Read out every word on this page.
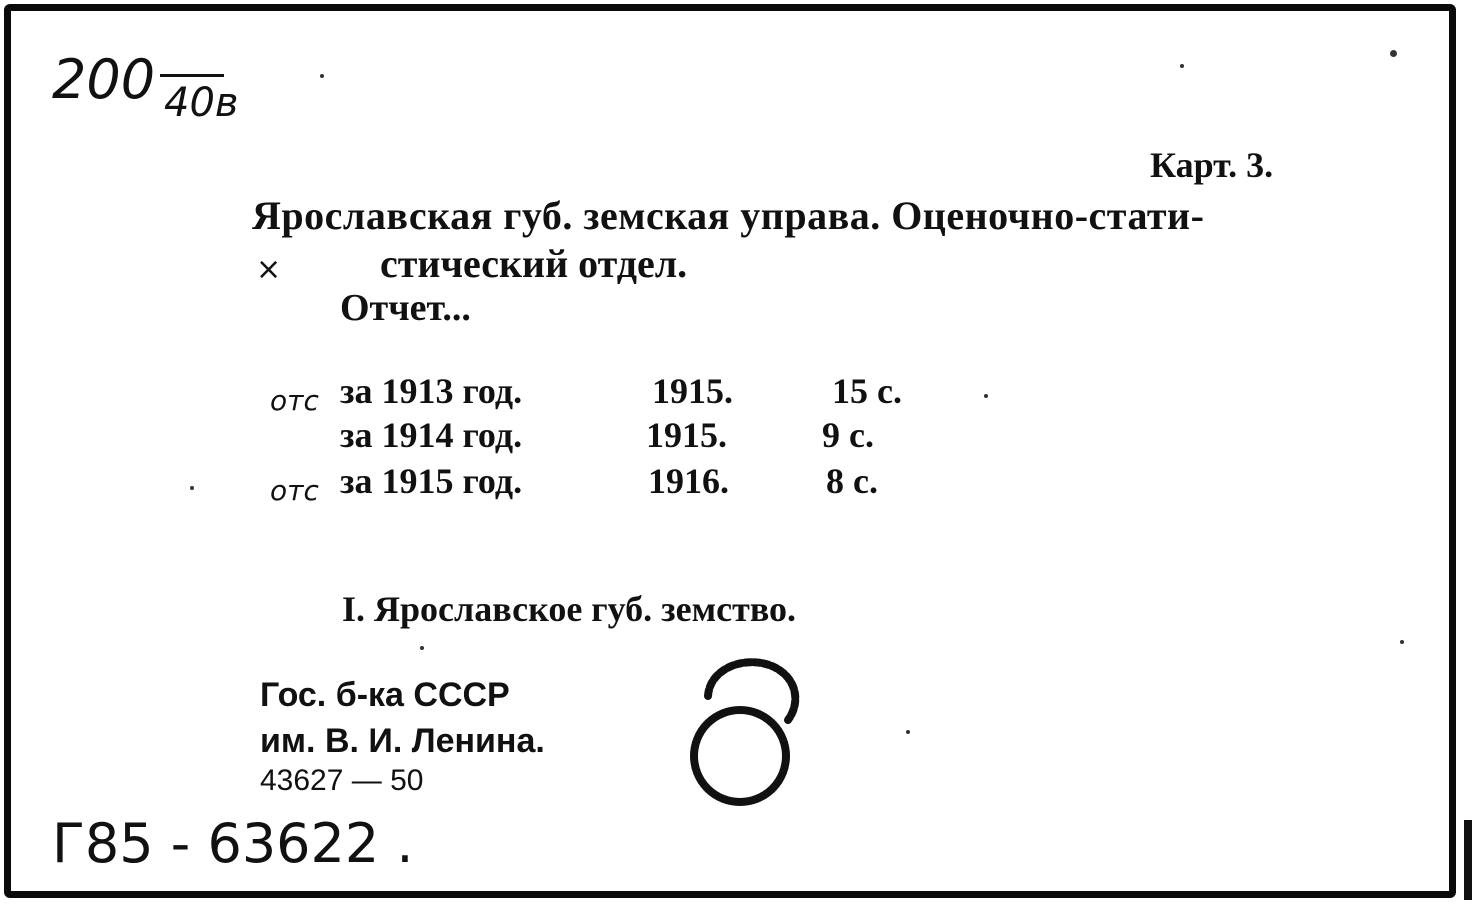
200 40в
Карт. 3.
Ярославская губ. земская управа. Оценочно-стати-
× стический отдел.
Отчет...
отс за 1913 год.	1915.	15 с.
за 1914 год.	1915.	9 с.
отс за 1915 год.	1916.	8 с.
I. Ярославское губ. земство.
Гос. б-ка СССР
им. В. И. Ленина.
43627 — 50
Г85 - 63622 .
